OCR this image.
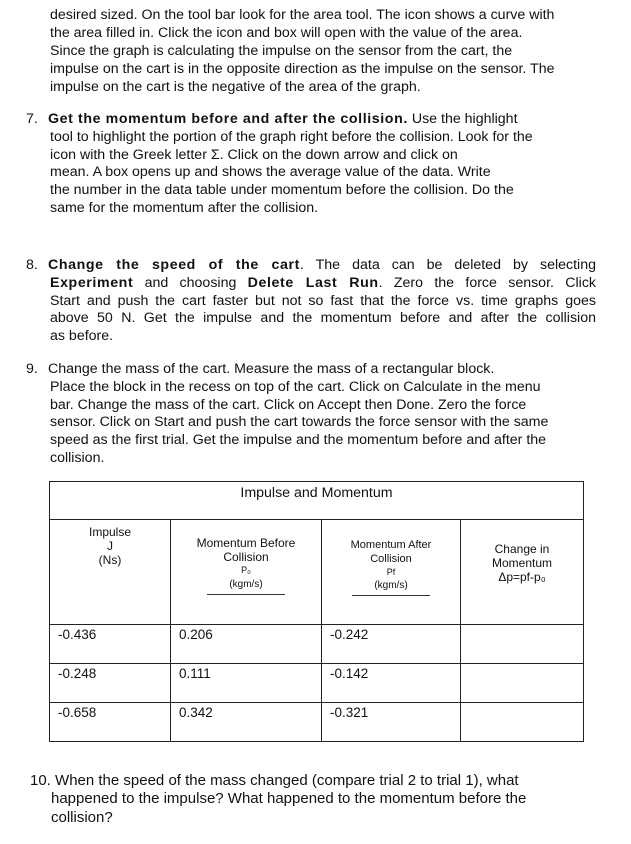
desired sized. On the tool bar look for the area tool. The icon shows a curve with
the area filled in. Click the icon and box will open with the value of the area.
Since the graph is calculating the impulse on the sensor from the cart, the
impulse on the cart is in the opposite direction as the impulse on the sensor. The
impulse on the cart is the negative of the area of the graph.
7. Get the momentum before and after the collision. Use the highlight
tool to highlight the portion of the graph right before the collision. Look for the
icon with the Greek letter Σ. Click on the down arrow and click on
mean. A box opens up and shows the average value of the data. Write
the number in the data table under momentum before the collision. Do the
same for the momentum after the collision.
8. Change the speed of the cart. The data can be deleted by selecting
Experiment and choosing Delete Last Run. Zero the force sensor. Click
Start and push the cart faster but not so fast that the force vs. time graphs goes
above 50 N. Get the impulse and the momentum before and after the collision
as before.
9. Change the mass of the cart. Measure the mass of a rectangular block.
Place the block in the recess on top of the cart. Click on Calculate in the menu
bar. Change the mass of the cart. Click on Accept then Done. Zero the force
sensor. Click on Start and push the cart towards the force sensor with the same
speed as the first trial. Get the impulse and the momentum before and after the
collision.
Impulse and Momentum			

Impulse
J
(Ns)	Momentum Before
Collision
P₀
(kgm/s)	Momentum After
Collision
Pf
(kgm/s)	Change in
Momentum
Δp=pf-p₀

-0.436	0.206	-0.242	
-0.248	0.111	-0.142	
-0.658	0.342	-0.321	
10. When the speed of the mass changed (compare trial 2 to trial 1), what
happened to the impulse? What happened to the momentum before the
collision?
